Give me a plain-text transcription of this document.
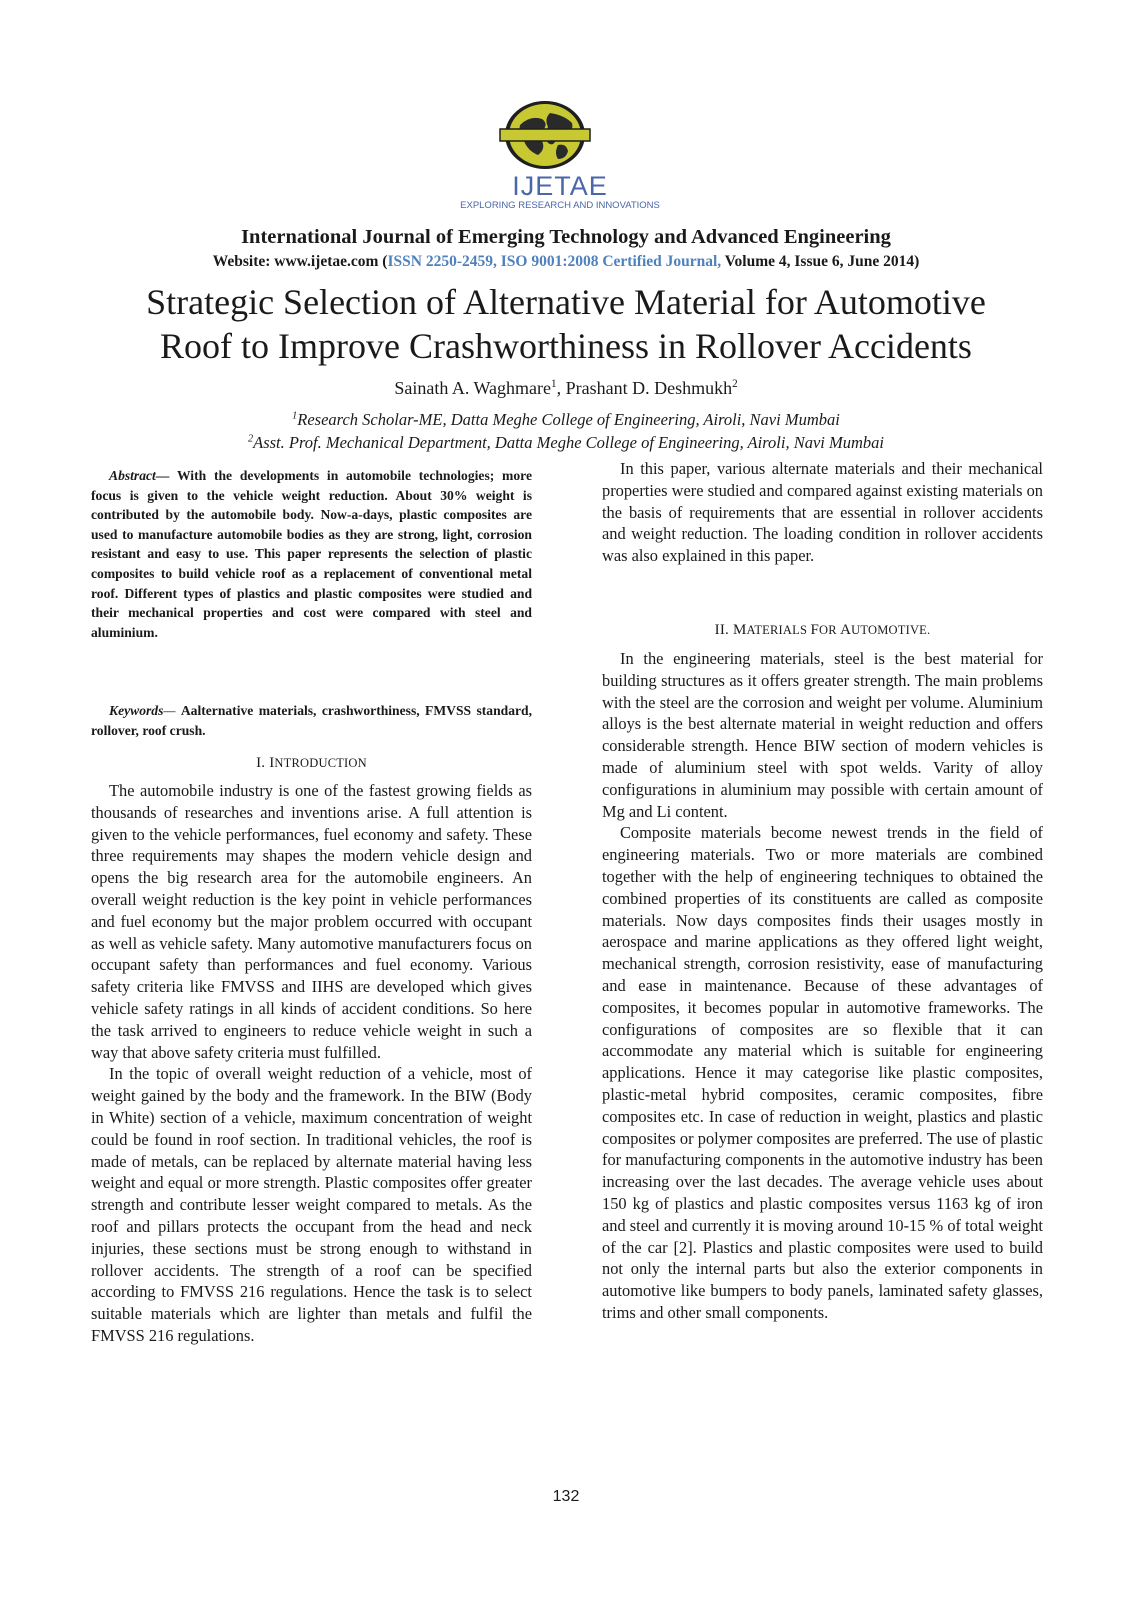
IJETAE
EXPLORING RESEARCH AND INNOVATIONS
International Journal of Emerging Technology and Advanced Engineering
Website: www.ijetae.com (ISSN 2250-2459, ISO 9001:2008 Certified Journal, Volume 4, Issue 6, June 2014)
Strategic Selection of Alternative Material for Automotive
Roof to Improve Crashworthiness in Rollover Accidents
Sainath A. Waghmare$^1$, Prashant D. Deshmukh$^2$
$^1$Research Scholar-ME, Datta Meghe College of Engineering, Airoli, Navi Mumbai
$^2$Asst. Prof. Mechanical Department, Datta Meghe College of Engineering, Airoli, Navi Mumbai
Abstract— With the developments in automobile technologies; more focus is given to the vehicle weight reduction. About 30% weight is contributed by the automobile body. Now-a-days, plastic composites are used to manufacture automobile bodies as they are strong, light, corrosion resistant and easy to use. This paper represents the selection of plastic composites to build vehicle roof as a replacement of conventional metal roof. Different types of plastics and plastic composites were studied and their mechanical properties and cost were compared with steel and aluminium.
Keywords— Aalternative materials, crashworthiness, FMVSS standard, rollover, roof crush.
I. INTRODUCTION

The automobile industry is one of the fastest growing fields as thousands of researches and inventions arise. A full attention is given to the vehicle performances, fuel economy and safety. These three requirements may shapes the modern vehicle design and opens the big research area for the automobile engineers. An overall weight reduction is the key point in vehicle performances and fuel economy but the major problem occurred with occupant as well as vehicle safety. Many automotive manufacturers focus on occupant safety than performances and fuel economy. Various safety criteria like FMVSS and IIHS are developed which gives vehicle safety ratings in all kinds of accident conditions. So here the task arrived to engineers to reduce vehicle weight in such a way that above safety criteria must fulfilled.

In the topic of overall weight reduction of a vehicle, most of weight gained by the body and the framework. In the BIW (Body in White) section of a vehicle, maximum concentration of weight could be found in roof section. In traditional vehicles, the roof is made of metals, can be replaced by alternate material having less weight and equal or more strength. Plastic composites offer greater strength and contribute lesser weight compared to metals. As the roof and pillars protects the occupant from the head and neck injuries, these sections must be strong enough to withstand in rollover accidents. The strength of a roof can be specified according to FMVSS 216 regulations. Hence the task is to select suitable materials which are lighter than metals and fulfil the FMVSS 216 regulations.

In this paper, various alternate materials and their mechanical properties were studied and compared against existing materials on the basis of requirements that are essential in rollover accidents and weight reduction. The loading condition in rollover accidents was also explained in this paper.

II. MATERIALS FOR AUTOMOTIVE.

In the engineering materials, steel is the best material for building structures as it offers greater strength. The main problems with the steel are the corrosion and weight per volume. Aluminium alloys is the best alternate material in weight reduction and offers considerable strength. Hence BIW section of modern vehicles is made of aluminium steel with spot welds. Varity of alloy configurations in aluminium may possible with certain amount of Mg and Li content.

Composite materials become newest trends in the field of engineering materials. Two or more materials are combined together with the help of engineering techniques to obtained the combined properties of its constituents are called as composite materials. Now days composites finds their usages mostly in aerospace and marine applications as they offered light weight, mechanical strength, corrosion resistivity, ease of manufacturing and ease in maintenance. Because of these advantages of composites, it becomes popular in automotive frameworks. The configurations of composites are so flexible that it can accommodate any material which is suitable for engineering applications. Hence it may categorise like plastic composites, plastic-metal hybrid composites, ceramic composites, fibre composites etc. In case of reduction in weight, plastics and plastic composites or polymer composites are preferred. The use of plastic for manufacturing components in the automotive industry has been increasing over the last decades. The average vehicle uses about 150 kg of plastics and plastic composites versus 1163 kg of iron and steel and currently it is moving around 10-15 % of total weight of the car [2]. Plastics and plastic composites were used to build not only the internal parts but also the exterior components in automotive like bumpers to body panels, laminated safety glasses, trims and other small components.

132
